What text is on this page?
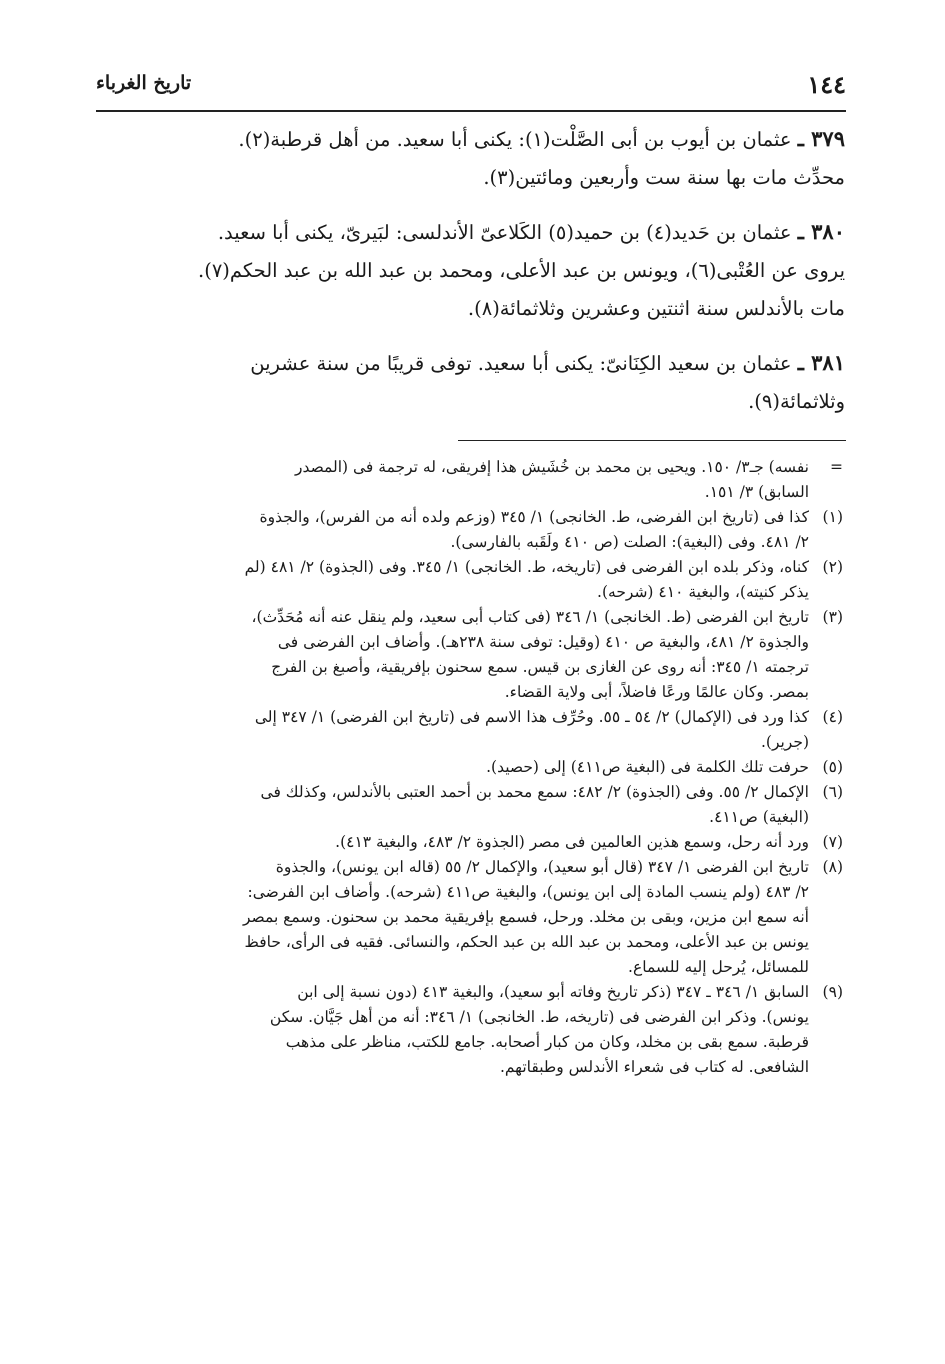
١٤٤
تاريخ الغرباء

٣٧٩ ـ عثمان بن أيوب بن أبى الصَّلْت(١): يكنى أبا سعيد. من أهل قرطبة(٢).

محدِّث مات بها سنة ست وأربعين ومائتين(٣).

٣٨٠ ـ عثمان بن حَديد(٤) بن حميد(٥) الكَلاعىّ الأندلسى: لبَيرىّ، يكنى أبا سعيد.

يروى عن العُتْبى(٦)، ويونس بن عبد الأعلى، ومحمد بن عبد الله بن عبد الحكم(٧).

مات بالأندلس سنة اثنتين وعشرين وثلاثمائة(٨).

٣٨١ ـ عثمان بن سعيد الكِنَانىّ: يكنى أبا سعيد. توفى قريبًا من سنة عشرين

وثلاثمائة(٩).

=
نفسه) جـ٣/ ١٥٠. ويحيى بن محمد بن خُشَيش هذا إفريقى، له ترجمة فى (المصدر
السابق) ٣/ ١٥١.
(١)
كذا فى (تاريخ ابن الفرضى، ط. الخانجى) ١/ ٣٤٥ (وزعم ولده أنه من الفرس)، والجذوة
٢/ ٤٨١. وفى (البغية): الصلت (ص ٤١٠ ولَقَبه بالفارسى).
(٢)
كناه، وذكر بلده ابن الفرضى فى (تاريخه، ط. الخانجى) ١/ ٣٤٥. وفى (الجذوة) ٢/ ٤٨١ (لم
يذكر كنيته)، والبغية ٤١٠ (شرحه).
(٣)
تاريخ ابن الفرضى (ط. الخانجى) ١/ ٣٤٦ (فى كتاب أبى سعيد، ولم ينقل عنه أنه مُحَدِّث)،
والجذوة ٢/ ٤٨١، والبغية ص ٤١٠ (وقيل: توفى سنة ٢٣٨هـ). وأضاف ابن الفرضى فى
ترجمته ١/ ٣٤٥: أنه روى عن الغازى بن قيس. سمع سحنون بإفريقية، وأصبغ بن الفرج
بمصر. وكان عالمًا ورعًا فاضلاً، أبى ولاية القضاء.
(٤)
كذا ورد فى (الإكمال) ٢/ ٥٤ ـ ٥٥. وحُرِّف هذا الاسم فى (تاريخ ابن الفرضى) ١/ ٣٤٧ إلى
(جرير).
(٥)
حرفت تلك الكلمة فى (البغية ص٤١١) إلى (حصيد).
(٦)
الإكمال ٢/ ٥٥. وفى (الجذوة) ٢/ ٤٨٢: سمع محمد بن أحمد العتبى بالأندلس، وكذلك فى
(البغية) ص٤١١.
(٧)
ورد أنه رحل، وسمع هذين العالمين فى مصر (الجذوة ٢/ ٤٨٣، والبغية ٤١٣).
(٨)
تاريخ ابن الفرضى ١/ ٣٤٧ (قال أبو سعيد)، والإكمال ٢/ ٥٥ (قاله ابن يونس)، والجذوة
٢/ ٤٨٣ (ولم ينسب المادة إلى ابن يونس)، والبغية ص٤١١ (شرحه). وأضاف ابن الفرضى:
أنه سمع ابن مزين، وبقى بن مخلد. ورحل، فسمع بإفريقية محمد بن سحنون. وسمع بمصر
يونس بن عبد الأعلى، ومحمد بن عبد الله بن عبد الحكم، والنسائى. فقيه فى الرأى، حافظ
للمسائل، يُرحل إليه للسماع.
(٩)
السابق ١/ ٣٤٦ ـ ٣٤٧ (ذكر تاريخ وفاته أبو سعيد)، والبغية ٤١٣ (دون نسبة إلى ابن
يونس). وذكر ابن الفرضى فى (تاريخه، ط. الخانجى) ١/ ٣٤٦: أنه من أهل جَيَّان. سكن
قرطبة. سمع بقى بن مخلد، وكان من كبار أصحابه. جامع للكتب، مناظر على مذهب
الشافعى. له كتاب فى شعراء الأندلس وطبقاتهم.
